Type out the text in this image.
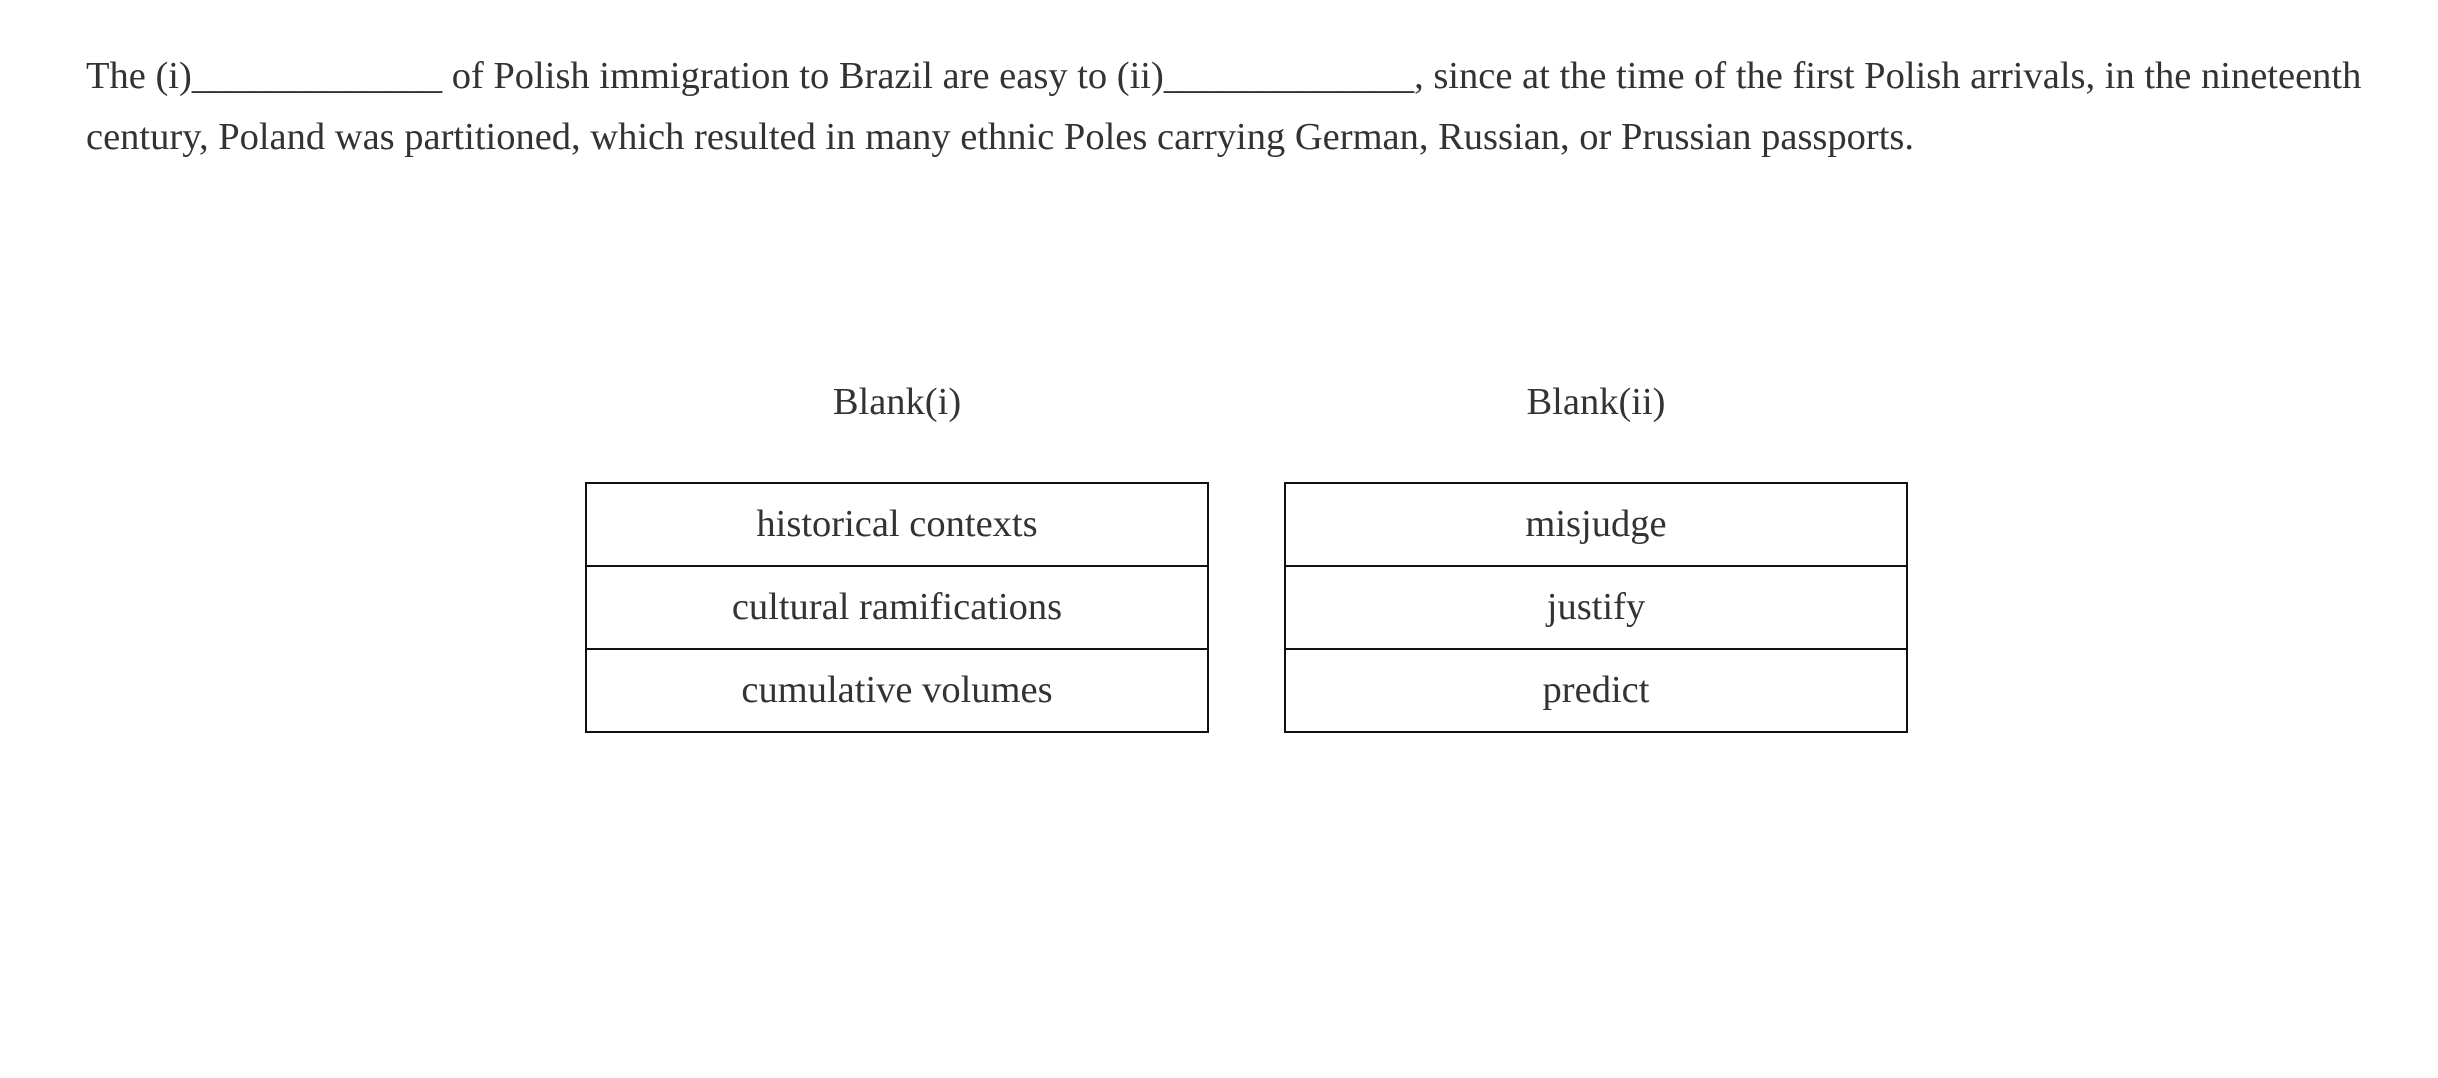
The (i)_____________ of Polish immigration to Brazil are easy to (ii)_____________, since at the time of the first Polish arrivals, in the nineteenth century, Poland was partitioned, which resulted in many ethnic Poles carrying German, Russian, or Prussian passports.

Blank(i)
historical contexts
cultural ramifications
cumulative volumes
Blank(ii)
misjudge
justify
predict
